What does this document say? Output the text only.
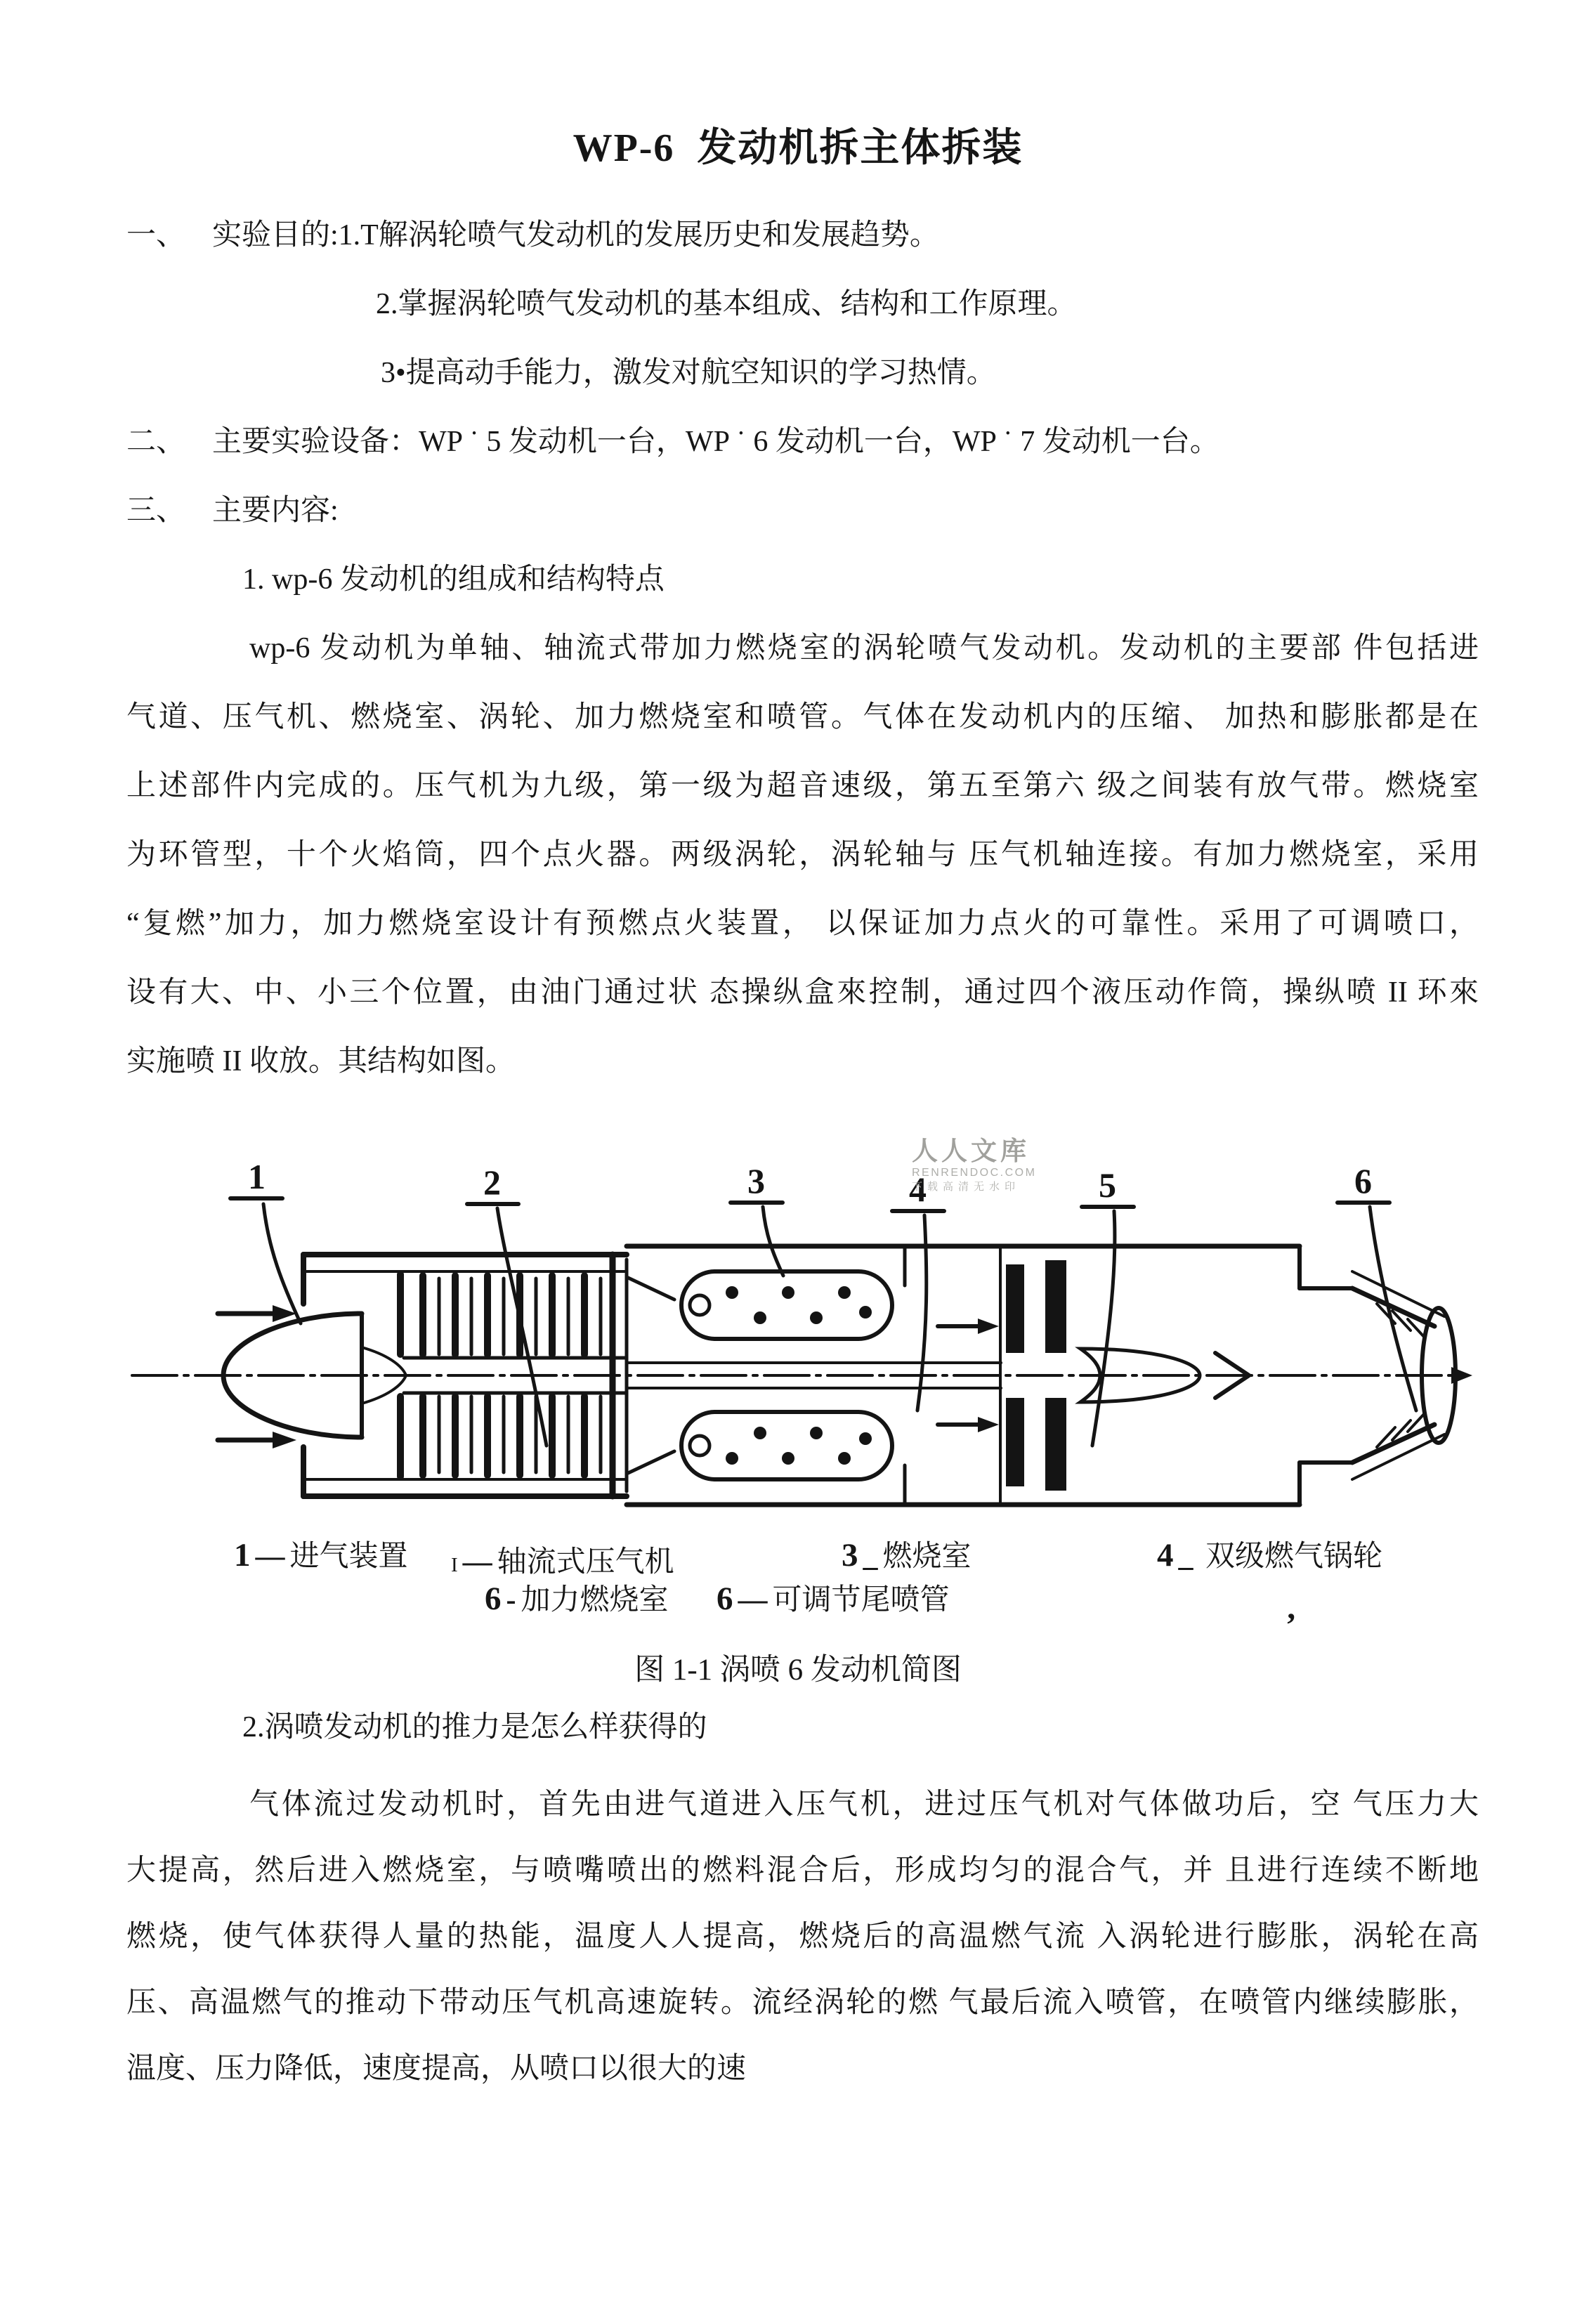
WP-6  发动机拆主体拆装
一、 实验目的:1.T解涡轮喷气发动机的发展历史和发展趋势。
2.掌握涡轮喷气发动机的基本组成、结构和工作原理。
3•提高动手能力，激发对航空知识的学习热情。
二、 主要实验设备：WP ˙ 5 发动机一台，WP ˙ 6 发动机一台，WP ˙ 7 发动机一台。
三、 主要内容:
1. wp-6 发动机的组成和结构特点
wp-6 发动机为单轴、轴流式带加力燃烧室的涡轮喷气发动机。发动机的主要部 件包括进
气道、压气机、燃烧室、涡轮、加力燃烧室和喷管。气体在发动机内的压缩、 加热和膨胀都是在
上述部件内完成的。压气机为九级，第一级为超音速级，第五至第六 级之间装有放气带。燃烧室
为环管型，十个火焰筒，四个点火器。两级涡轮，涡轮轴与 压气机轴连接。有加力燃烧室，采用
“复燃”加力，加力燃烧室设计有预燃点火装置， 以保证加力点火的可靠性。采用了可调喷口，
设有大、中、小三个位置，由油门通过状 态操纵盒來控制，通过四个液压动作筒，操纵喷 II 环來
实施喷 II 收放。其结构如图。
1	2	3	4	5	6
人人文库
RENRENDOC.COM
下载高清无水印
1 — 进气装置 I — 轴流式压气机	3 _ 燃烧室	4 _ 双级燃气锅轮
6 - 加力燃烧室 6 — 可调节尾喷管
’
图 1-1 涡喷 6 发动机简图
2.涡喷发动机的推力是怎么样获得的
气体流过发动机时，首先由进气道进入压气机，进过压气机对气体做功后，空 气压力大
大提高，然后进入燃烧室，与喷嘴喷出的燃料混合后，形成均匀的混合气，并 且进行连续不断地
燃烧，使气体获得人量的热能，温度人人提高，燃烧后的高温燃气流 入涡轮进行膨胀，涡轮在高
压、高温燃气的推动下带动压气机高速旋转。流经涡轮的燃 气最后流入喷管，在喷管内继续膨胀，
温度、压力降低，速度提高，从喷口以很大的速
